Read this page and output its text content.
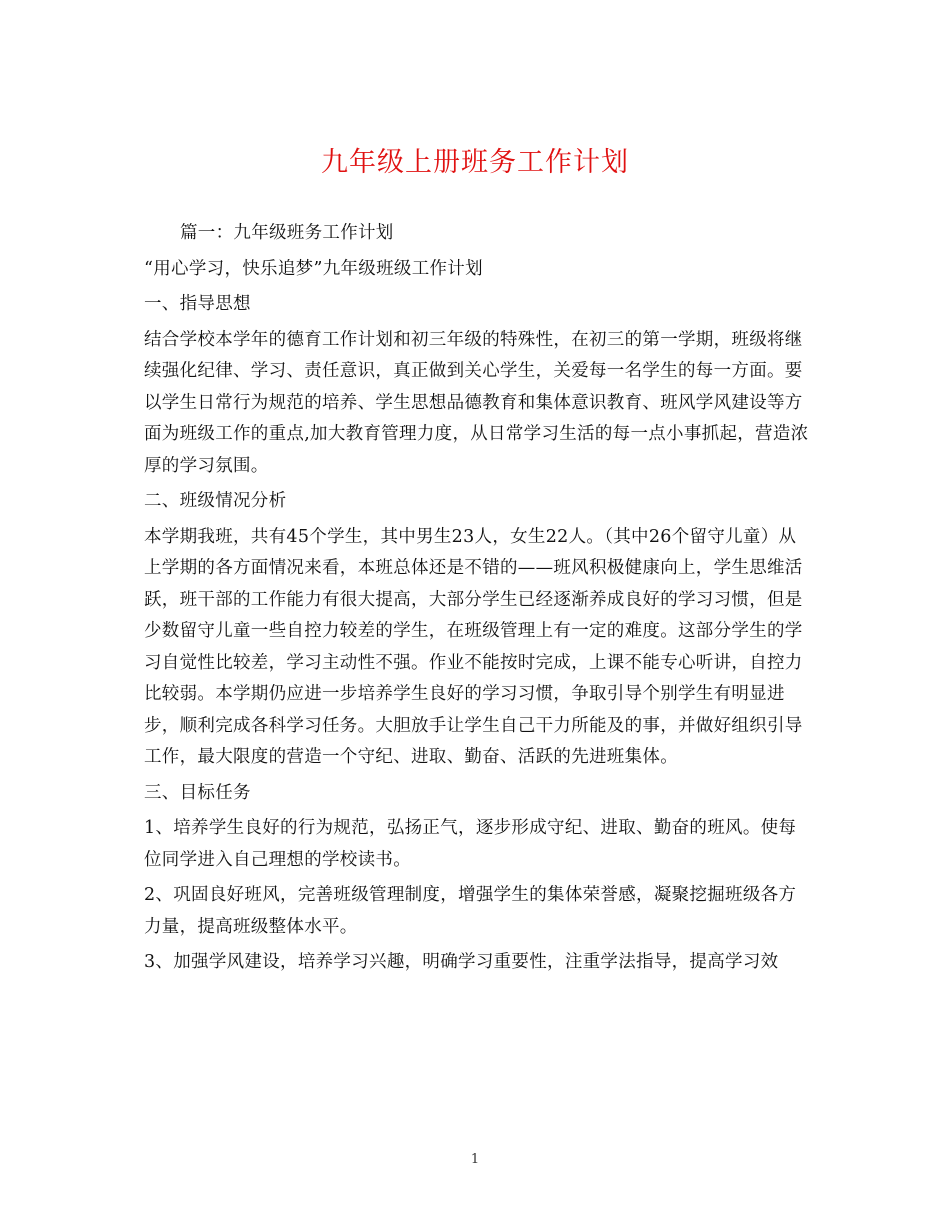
九年级上册班务工作计划

篇一：九年级班务工作计划

“用心学习，快乐追梦”九年级班级工作计划

一、指导思想

结合学校本学年的德育工作计划和初三年级的特殊性，在初三的第一学期，班级将继续强化纪律、学习、责任意识，真正做到关心学生，关爱每一名学生的每一方面。要以学生日常行为规范的培养、学生思想品德教育和集体意识教育、班风学风建设等方面为班级工作的重点,加大教育管理力度，从日常学习生活的每一点小事抓起，营造浓厚的学习氛围。

二、班级情况分析

本学期我班，共有45个学生，其中男生23人，女生22人。（其中26个留守儿童）从上学期的各方面情况来看，本班总体还是不错的——班风积极健康向上，学生思维活跃，班干部的工作能力有很大提高，大部分学生已经逐渐养成良好的学习习惯，但是少数留守儿童一些自控力较差的学生，在班级管理上有一定的难度。这部分学生的学习自觉性比较差，学习主动性不强。作业不能按时完成，上课不能专心听讲，自控力比较弱。本学期仍应进一步培养学生良好的学习习惯，争取引导个别学生有明显进步，顺利完成各科学习任务。大胆放手让学生自己干力所能及的事，并做好组织引导工作，最大限度的营造一个守纪、进取、勤奋、活跃的先进班集体。

三、目标任务

1、培养学生良好的行为规范，弘扬正气，逐步形成守纪、进取、勤奋的班风。使每位同学进入自己理想的学校读书。

2、巩固良好班风，完善班级管理制度，增强学生的集体荣誉感，凝聚挖掘班级各方力量，提高班级整体水平。

3、加强学风建设，培养学习兴趣，明确学习重要性，注重学法指导，提高学习效

1
